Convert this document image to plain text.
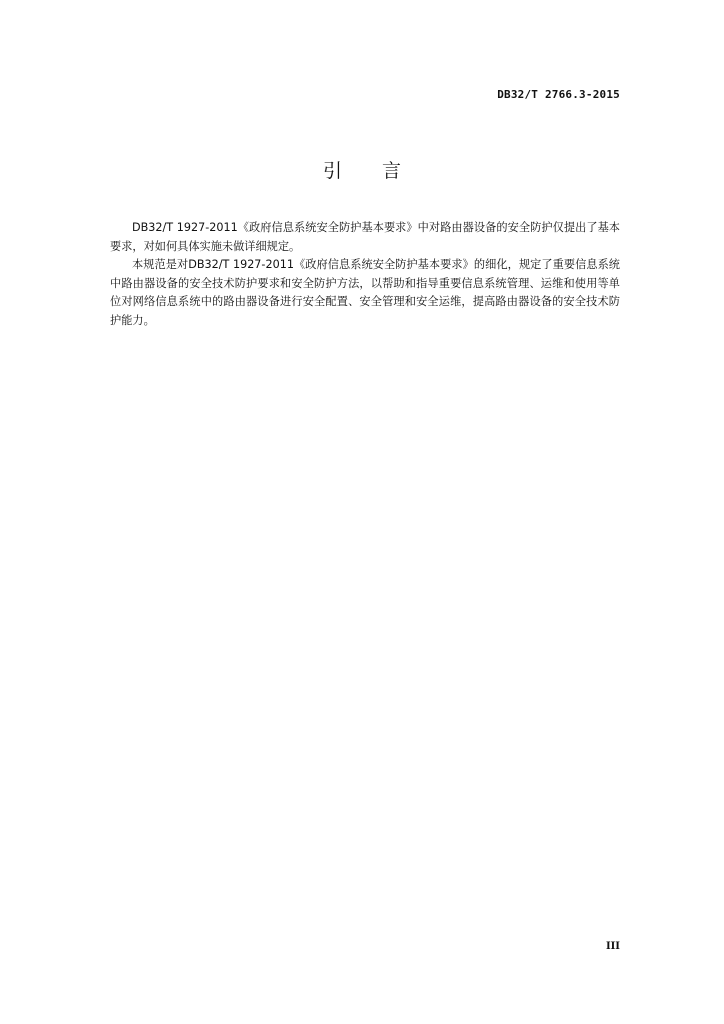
DB32/T 2766.3-2015
引 言

DB32/T 1927-2011《政府信息系统安全防护基本要求》中对路由器设备的安全防护仅提出了基本要求，对如何具体实施未做详细规定。

本规范是对DB32/T 1927-2011《政府信息系统安全防护基本要求》的细化，规定了重要信息系统中路由器设备的安全技术防护要求和安全防护方法，以帮助和指导重要信息系统管理、运维和使用等单位对网络信息系统中的路由器设备进行安全配置、安全管理和安全运维，提高路由器设备的安全技术防护能力。

III
